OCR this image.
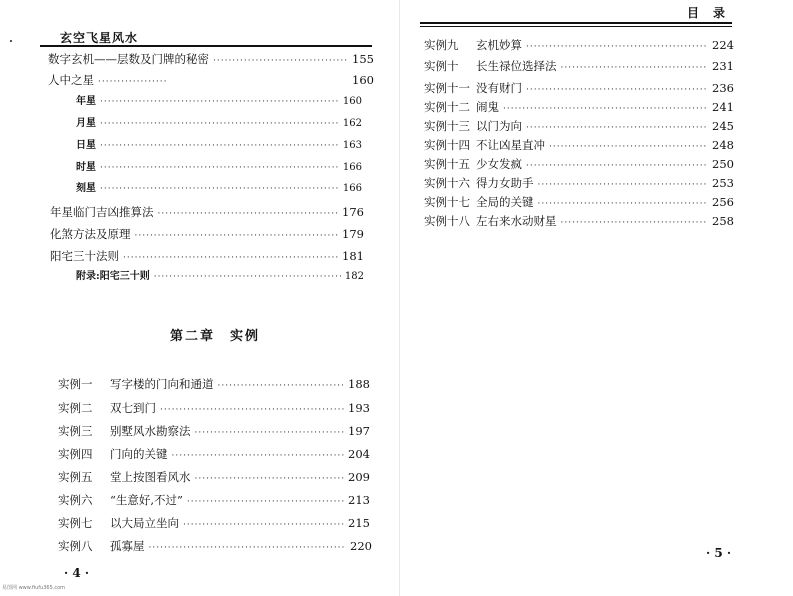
玄空飞星风水
数字玄机——层数及门牌的秘密 ·····	155
人中之星 ·····	160
年星 ·····	160
月星 ·····	162
日星 ·····	163
时星 ·····	166
刻星 ·····	166
年星临门吉凶推算法 ·····	176
化煞方法及原理 ·····	179
阳宅三十法则 ·····	181
附录:阳宅三十则 ·····	182
第二章　实例
实例一	写字楼的门向和通道 ·····	188
实例二	双七到门 ·····	193
实例三	别墅风水勘察法 ·····	197
实例四	门向的关键 ·····	204
实例五	堂上按图看风水 ·····	209
实例六	“生意好,不过” ·····	213
实例七	以大局立坐向 ·····	215
实例八	孤寡屋 ·····	220
· 4 ·
易图网 www.fiufu365.com
目　录
实例九	玄机妙算 ·····	224
实例十	长生禄位选择法 ·····	231
实例十一 没有财门 ·····	236
实例十二 闹鬼 ·····	241
实例十三 以门为向 ·····	245
实例十四 不让凶星直冲 ·····	248
实例十五 少女发疯 ·····	250
实例十六 得力女助手 ·····	253
实例十七 全局的关键 ·····	256
实例十八 左右来水动财星 ·····	258
· 5 ·
